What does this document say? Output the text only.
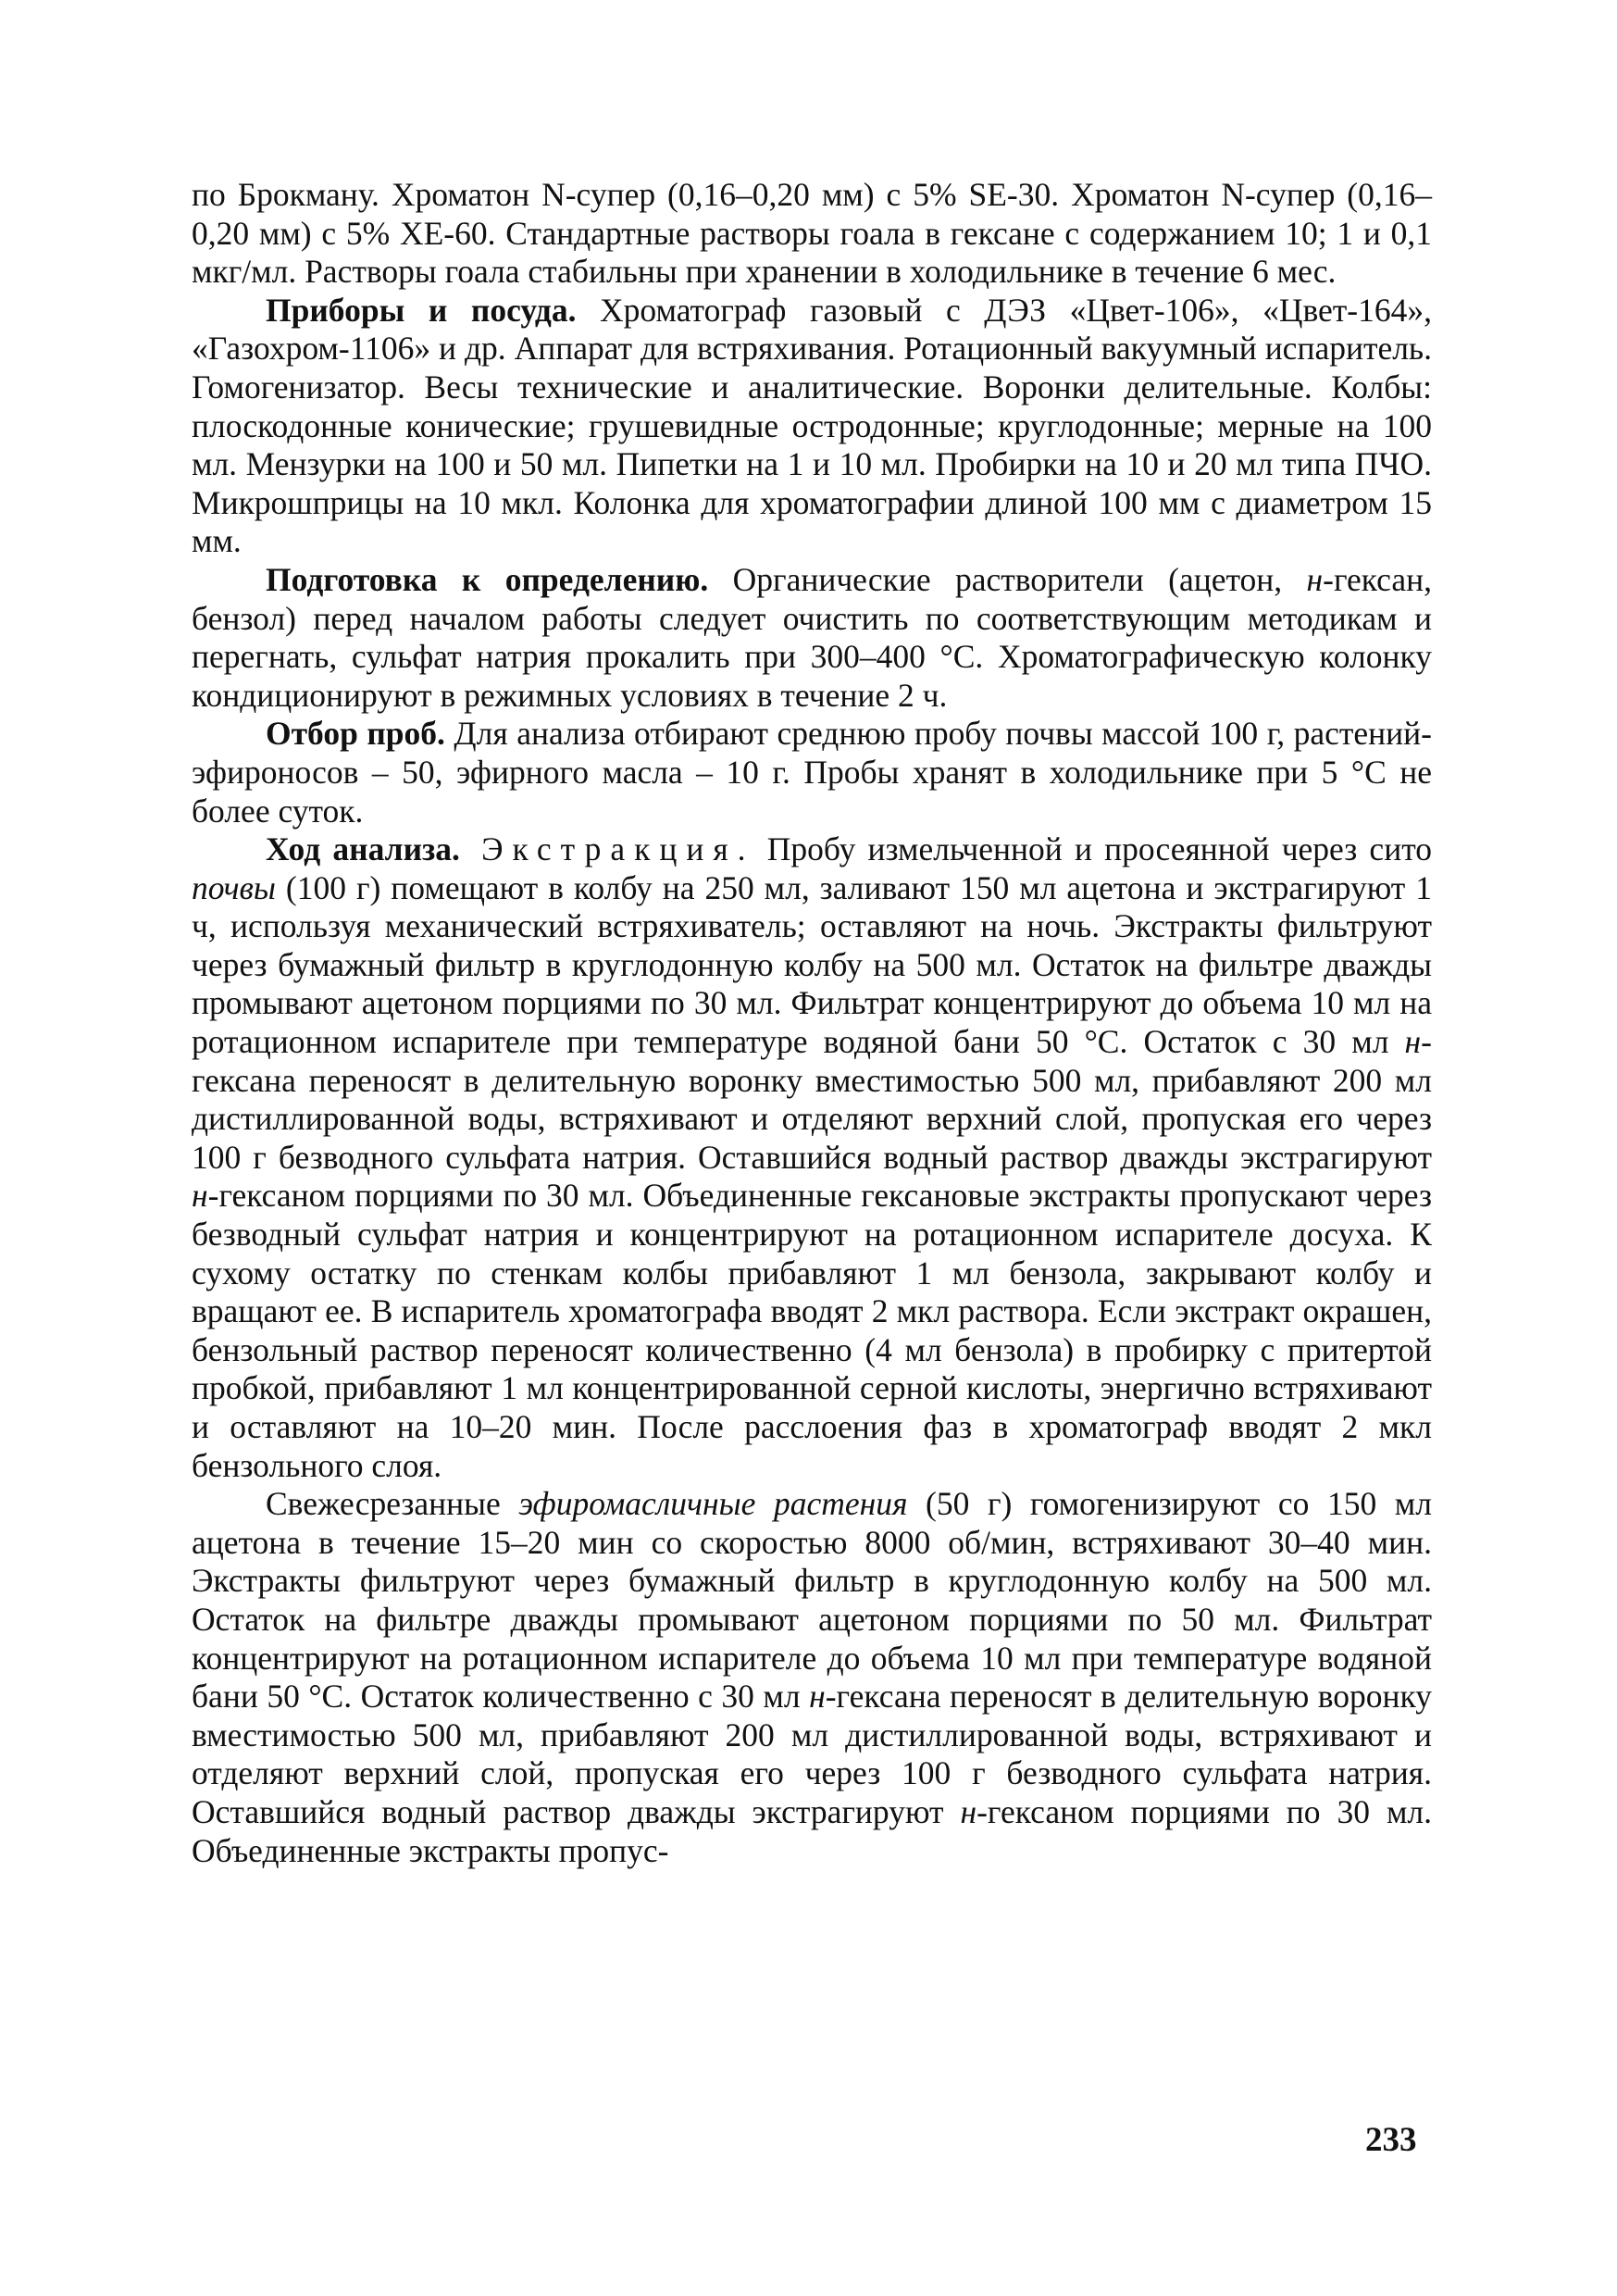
по Брокману. Хроматон N-супер (0,16–0,20 мм) с 5% SE-30. Хроматон N-супер (0,16–0,20 мм) с 5% XE-60. Стандартные растворы гоала в гексане с содержанием 10; 1 и 0,1 мкг/мл. Растворы гоала стабильны при хранении в холодильнике в течение 6 мес.

Приборы и посуда. Хроматограф газовый с ДЭЗ «Цвет-106», «Цвет-164», «Газохром-1106» и др. Аппарат для встряхивания. Ротационный вакуумный испаритель. Гомогенизатор. Весы технические и аналитические. Воронки делительные. Колбы: плоскодонные конические; грушевидные остродонные; круглодонные; мерные на 100 мл. Мензурки на 100 и 50 мл. Пипетки на 1 и 10 мл. Пробирки на 10 и 20 мл типа ПЧО. Микрошприцы на 10 мкл. Колонка для хроматографии длиной 100 мм с диаметром 15 мм.

Подготовка к определению. Органические растворители (ацетон, н-гексан, бензол) перед началом работы следует очистить по соответствующим методикам и перегнать, сульфат натрия прокалить при 300–400 °С. Хроматографическую колонку кондиционируют в режимных условиях в течение 2 ч.

Отбор проб. Для анализа отбирают среднюю пробу почвы массой 100 г, растений-эфироносов – 50, эфирного масла – 10 г. Пробы хранят в холодильнике при 5 °С не более суток.

Ход анализа. Экстракция. Пробу измельченной и просеянной через сито почвы (100 г) помещают в колбу на 250 мл, заливают 150 мл ацетона и экстрагируют 1 ч, используя механический встряхиватель; оставляют на ночь. Экстракты фильтруют через бумажный фильтр в круглодонную колбу на 500 мл. Остаток на фильтре дважды промывают ацетоном порциями по 30 мл. Фильтрат концентрируют до объема 10 мл на ротационном испарителе при температуре водяной бани 50 °С. Остаток с 30 мл н-гексана переносят в делительную воронку вместимостью 500 мл, прибавляют 200 мл дистиллированной воды, встряхивают и отделяют верхний слой, пропуская его через 100 г безводного сульфата натрия. Оставшийся водный раствор дважды экстрагируют н-гексаном порциями по 30 мл. Объединенные гексановые экстракты пропускают через безводный сульфат натрия и концентрируют на ротационном испарителе досуха. К сухому остатку по стенкам колбы прибавляют 1 мл бензола, закрывают колбу и вращают ее. В испаритель хроматографа вводят 2 мкл раствора. Если экстракт окрашен, бензольный раствор переносят количественно (4 мл бензола) в пробирку с притертой пробкой, прибавляют 1 мл концентрированной серной кислоты, энергично встряхивают и оставляют на 10–20 мин. После расслоения фаз в хроматограф вводят 2 мкл бензольного слоя.

Свежесрезанные эфиромасличные растения (50 г) гомогенизируют со 150 мл ацетона в течение 15–20 мин со скоростью 8000 об/мин, встряхивают 30–40 мин. Экстракты фильтруют через бумажный фильтр в круглодонную колбу на 500 мл. Остаток на фильтре дважды промывают ацетоном порциями по 50 мл. Фильтрат концентрируют на ротационном испарителе до объема 10 мл при температуре водяной бани 50 °С. Остаток количественно с 30 мл н-гексана переносят в делительную воронку вместимостью 500 мл, прибавляют 200 мл дистиллированной воды, встряхивают и отделяют верхний слой, пропуская его через 100 г безводного сульфата натрия. Оставшийся водный раствор дважды экстрагируют н-гексаном порциями по 30 мл. Объединенные экстракты пропус-

233
